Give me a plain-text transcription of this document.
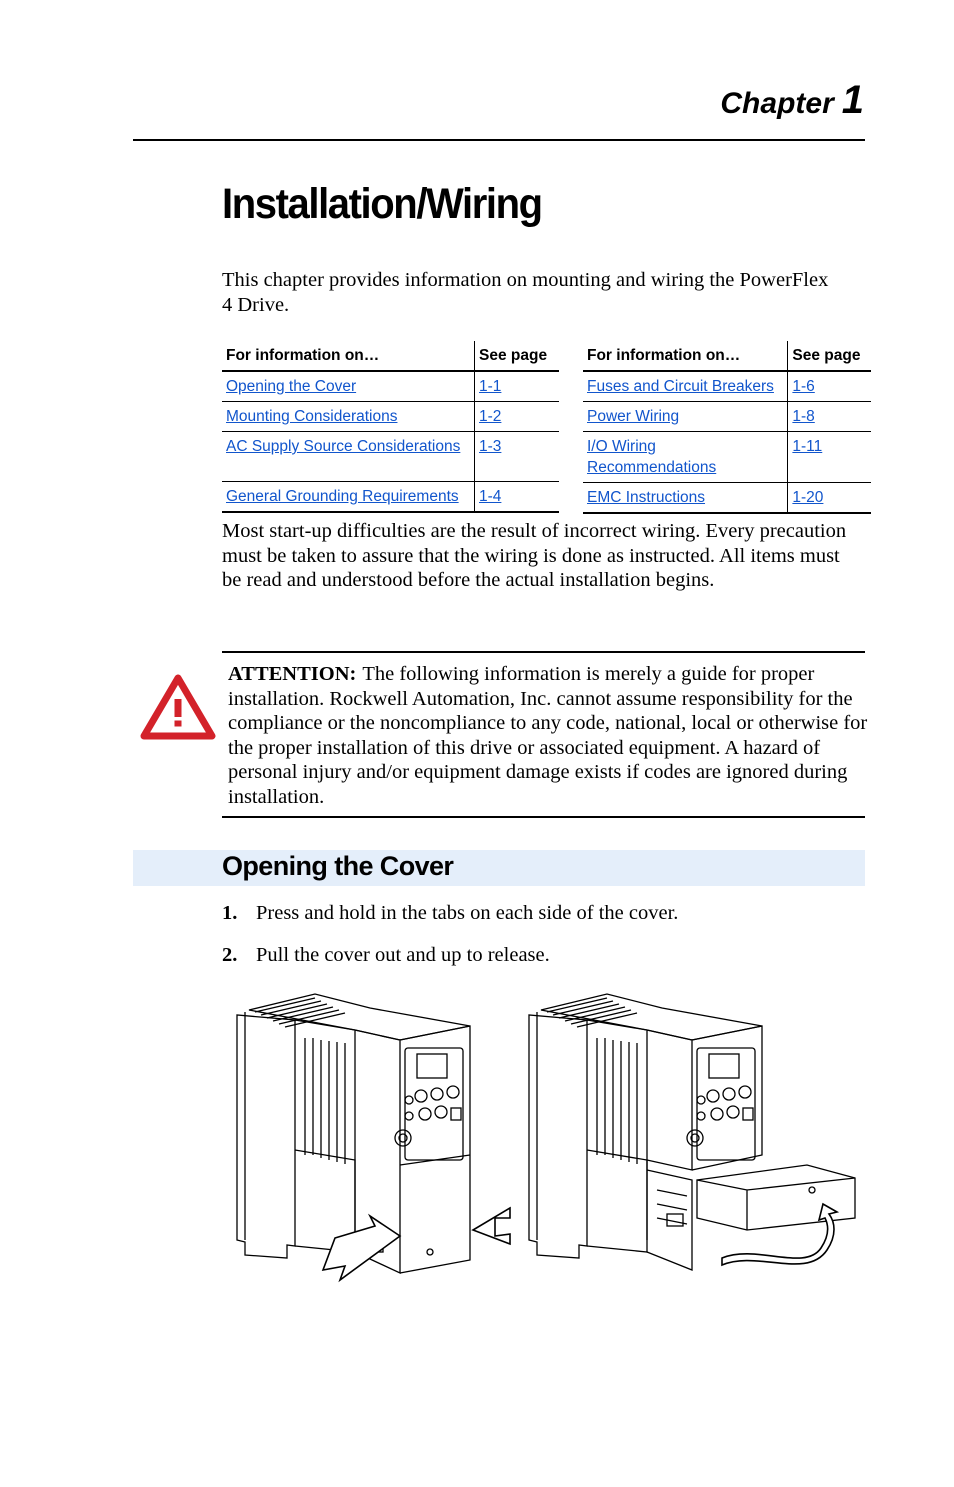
Chapter 1
Installation/Wiring
This chapter provides information on mounting and wiring the PowerFlex 4 Drive.
For information on…	See page
Opening the Cover	1-1
Mounting Considerations	1-2
AC Supply Source Considerations	1-3
General Grounding Requirements	1-4
For information on…	See page
Fuses and Circuit Breakers	1-6
Power Wiring	1-8
I/O Wiring Recommendations	1-11
EMC Instructions	1-20
Most start-up difficulties are the result of incorrect wiring. Every precaution must be taken to assure that the wiring is done as instructed. All items must be read and understood before the actual installation begins.
ATTENTION: The following information is merely a guide for proper installation. Rockwell Automation, Inc. cannot assume responsibility for the compliance or the noncompliance to any code, national, local or otherwise for the proper installation of this drive or associated equipment. A hazard of personal injury and/or equipment damage exists if codes are ignored during installation.
Opening the Cover
1. Press and hold in the tabs on each side of the cover.
2. Pull the cover out and up to release.
